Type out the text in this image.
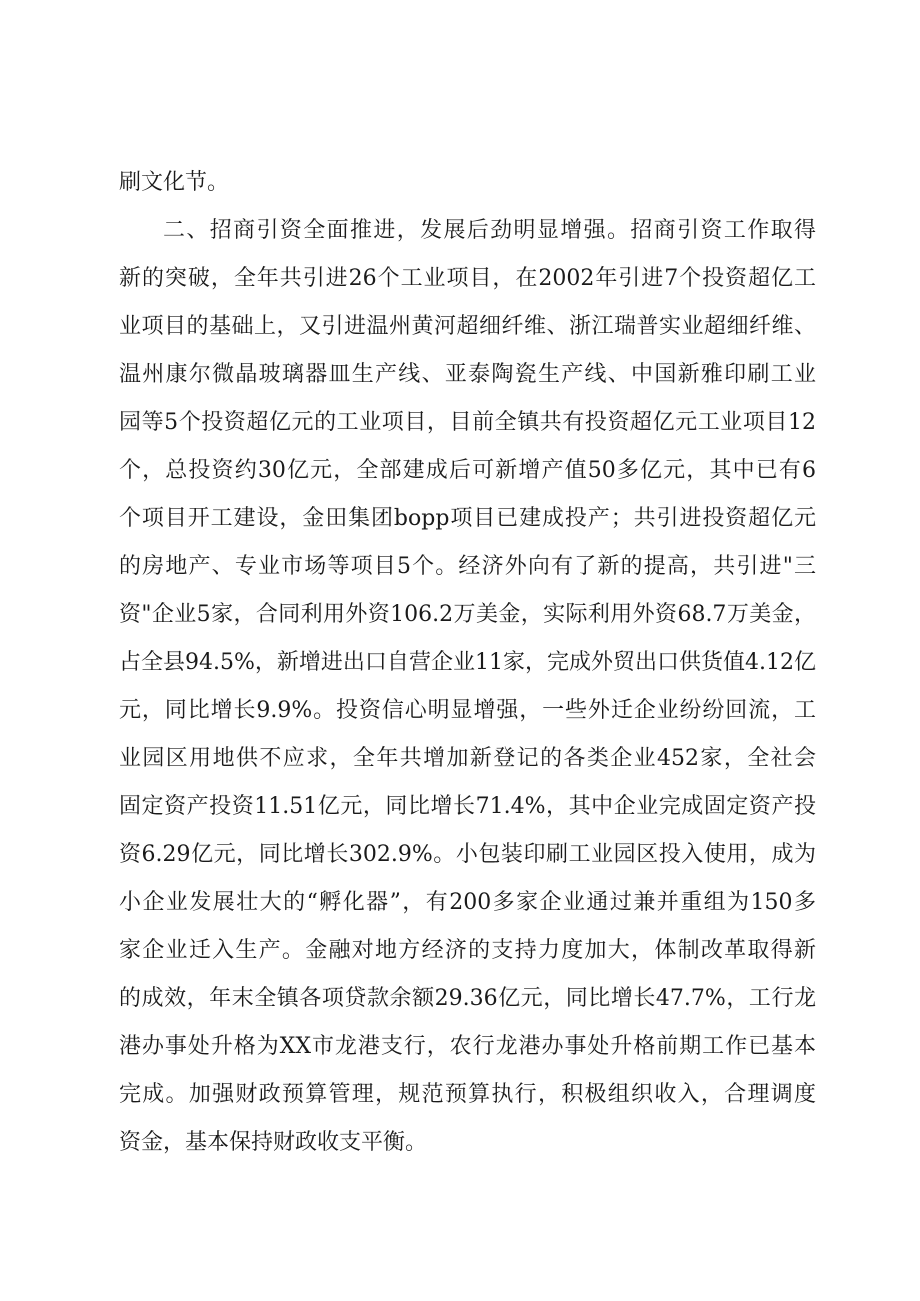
刷文化节。
二、招商引资全面推进，发展后劲明显增强。招商引资工作取得
新的突破，全年共引进26个工业项目，在2002年引进7个投资超亿工
业项目的基础上，又引进温州黄河超细纤维、浙江瑞普实业超细纤维、
温州康尔微晶玻璃器皿生产线、亚泰陶瓷生产线、中国新雅印刷工业
园等5个投资超亿元的工业项目，目前全镇共有投资超亿元工业项目12
个，总投资约30亿元，全部建成后可新增产值50多亿元，其中已有6
个项目开工建设，金田集团bopp项目已建成投产；共引进投资超亿元
的房地产、专业市场等项目5个。经济外向有了新的提高，共引进"三
资"企业5家，合同利用外资106.2万美金，实际利用外资68.7万美金，
占全县94.5%，新增进出口自营企业11家，完成外贸出口供货值4.12亿
元，同比增长9.9%。投资信心明显增强，一些外迁企业纷纷回流，工
业园区用地供不应求，全年共增加新登记的各类企业452家，全社会
固定资产投资11.51亿元，同比增长71.4%，其中企业完成固定资产投
资6.29亿元，同比增长302.9%。小包装印刷工业园区投入使用，成为
小企业发展壮大的“孵化器”，有200多家企业通过兼并重组为150多
家企业迁入生产。金融对地方经济的支持力度加大，体制改革取得新
的成效，年末全镇各项贷款余额29.36亿元，同比增长47.7%，工行龙
港办事处升格为XX市龙港支行，农行龙港办事处升格前期工作已基本
完成。加强财政预算管理，规范预算执行，积极组织收入，合理调度
资金，基本保持财政收支平衡。
